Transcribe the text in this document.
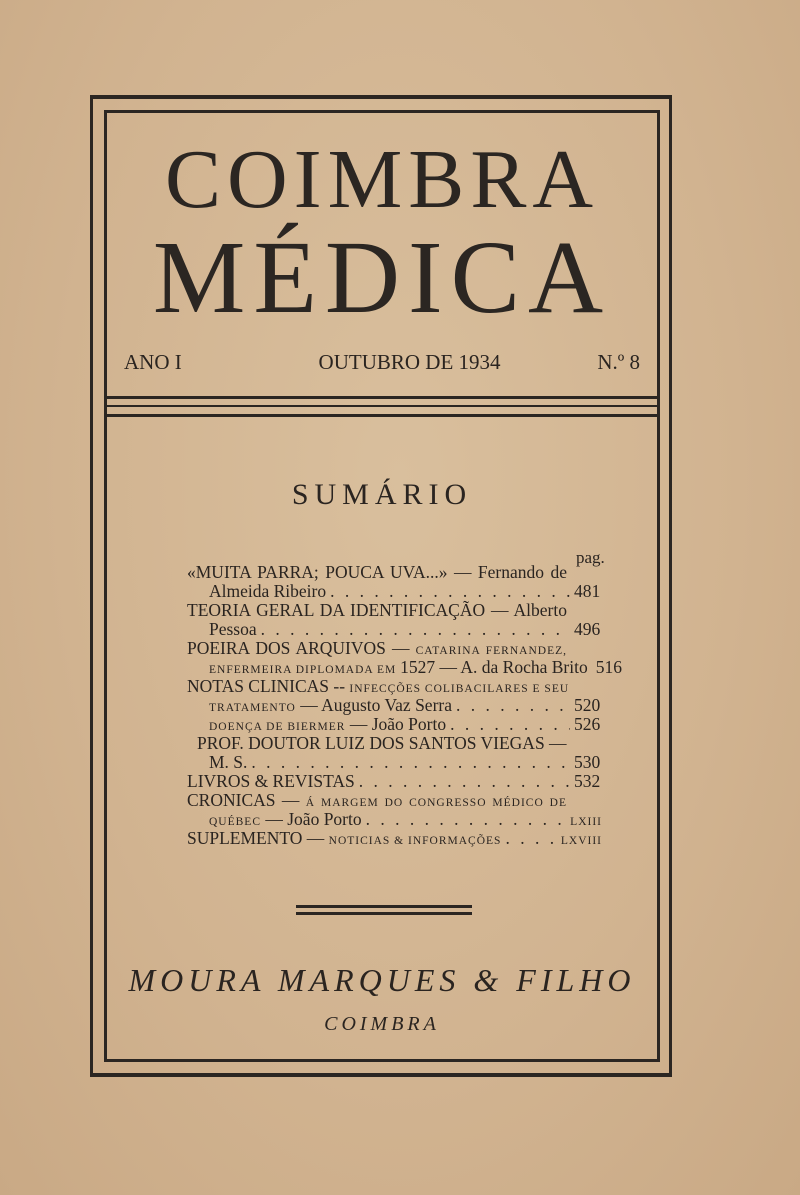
COIMBRA
MÉDICA
ANO I	OUTUBRO DE 1934	N.º 8
SUMÁRIO
pag.
«MUITA PARRA; POUCA UVA...» — Fernando de
Almeida Ribeiro . . .	481
TEORIA GERAL DA IDENTIFICAÇÃO — Alberto
Pessoa . . .	496
POEIRA DOS ARQUIVOS — CATARINA FERNANDEZ,
ENFERMEIRA DIPLOMADA EM 1527 — A. da Rocha Brito 516
NOTAS CLINICAS -- INFECÇÕES COLIBACILARES E SEU
TRATAMENTO — Augusto Vaz Serra . . .	520
DOENÇA DE BIERMER — João Porto . . .	526
PROF. DOUTOR LUIZ DOS SANTOS VIEGAS —
M. S. . . .	530
LIVROS & REVISTAS . . .	532
CRONICAS — Á MARGEM DO CONGRESSO MÉDICO DE
QUÉBEC — João Porto . . .	LXIII
SUPLEMENTO — NOTICIAS & INFORMAÇÕES . . .	LXVIII
MOURA MARQUES & FILHO
COIMBRA
